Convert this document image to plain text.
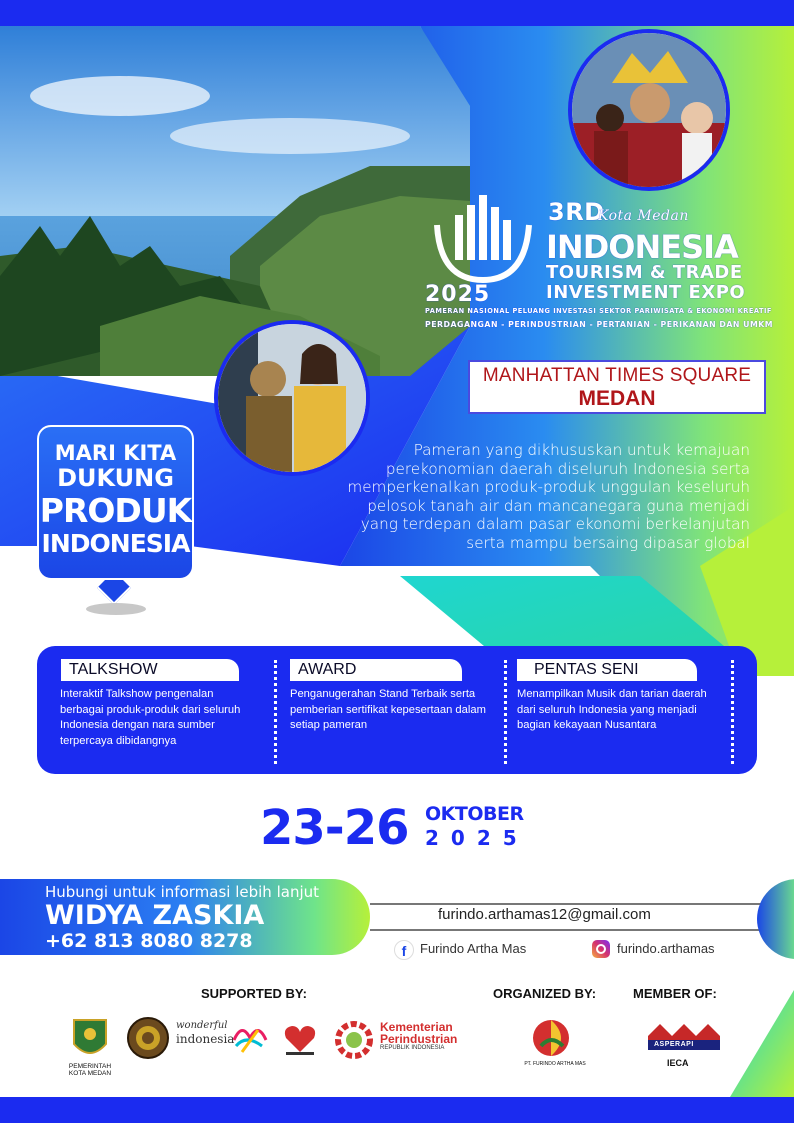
2025
3RD
Kota Medan
INDONESIA
TOURISM & TRADE
INVESTMENT EXPO
PAMERAN NASIONAL PELUANG INVESTASI SEKTOR PARIWISATA & EKONOMI KREATIF
PERDAGANGAN - PERINDUSTRIAN - PERTANIAN - PERIKANAN DAN UMKM
MANHATTAN TIMES SQUARE
MEDAN
Pameran yang dikhususkan untuk kemajuan perekonomian daerah diseluruh Indonesia serta memperkenalkan produk-produk unggulan keseluruh pelosok tanah air dan mancanegara guna menjadi yang terdepan dalam pasar ekonomi berkelanjutan serta mampu bersaing dipasar global
MARI KITA
DUKUNG
PRODUK
INDONESIA
TALKSHOW
Interaktif Talkshow pengenalan berbagai produk-produk dari seluruh Indonesia dengan nara sumber terpercaya dibidangnya
AWARD
Penganugerahan Stand Terbaik serta pemberian sertifikat kepesertaan dalam setiap pameran
PENTAS SENI
Menampilkan Musik dan tarian daerah dari seluruh Indonesia yang menjadi bagian kekayaan Nusantara
23-26 OKTOBER
2025
Hubungi untuk informasi lebih lanjut
WIDYA ZASKIA
+62 813 8080 8278
furindo.arthamas12@gmail.com
f	Furindo Artha Mas	furindo.arthamas
SUPPORTED BY:	ORGANIZED BY:	MEMBER OF:
PEMERINTAH KOTA MEDAN
wonderful
indonesia
Kementerian
Perindustrian
REPUBLIK INDONESIA
PT. FURINDO ARTHA MAS
ASPERAPI
IECA
